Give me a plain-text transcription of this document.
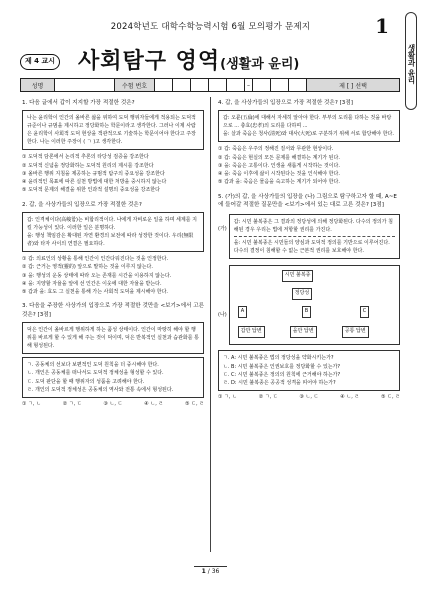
2024학년도 대학수학능력시험 6월 모의평가 문제지	1
생활과 윤리
제 4 교시 사회탐구 영역(생활과 윤리)
성명	수험 번호	–	제 [ ] 선택
1. 다음 글에서 갑이 지지할 가장 적절한 것은?
나는 윤리학이 인간의 올바른 삶을 위하여 도덕 행위자들에게 적용되는 도덕적 규준이나 규범을 제시하고 정당화하는 학문이라고 생각한다. 그러나 이제 사람은 윤리학이 사회적 도덕 현상을 객관적으로 기술하는 학문이어야 한다고 주장한다. 나는 이러한 주장이 ( ㄱ )고 생각한다.
① 도덕적 담론에서 논리적 추론의 타당성 검증을 강조한다
② 도덕적 신념을 정당화하는 도덕적 원리의 제시를 강조한다
③ 올바른 행위 지침을 제공하는 규범적 탐구의 중요성을 강조한다
④ 윤리적인 목표에 따른 실천 방법에 대한 처방을 중시하지 않는다
⑤ 도덕적 문제의 해결을 위한 인과적 설명의 중요성을 강조한다
2. 갑, 을 사상가들의 입장으로 가장 적절한 것은?
갑: 인격체이다(高峻함)는 비합리적이다. 나에게 자비로운 일을 하며 세계를 지킬 가능성이 있다. 이러한 일은 분명하다.
을: 행성 책임감은 확대된 자연 환경의 보전에 따라 성장한 것이다. 우리(無限者)와 타자 사이의 연결은 필요하다.
① 갑: 의료인의 상황을 통해 인간이 인간다워진다는 것을 인정한다.
② 갑: 근거는 영적(靈的) 앞으로 말하는 것을 이루지 않는다.
③ 을: 행성의 운동 상태에 따라 오는 존재를 시간을 이용하지 않는다.
④ 을: 지양할 자율을 앞에 선 인간은 이웃에 대한 자율을 받는다.
⑤ 갑과 을: 효도 그 실천을 통해 가는 사회적 도덕을 제시해야 한다.
3. 다음을 주장한 사상가의 입장으로 가장 적절한 것만을 <보기>에서 고른 것은? [3점]
덕은 인간이 올바르게 행위하게 하는 품성 상태이다. 인간이 마땅히 해야 할 행위를 바르게 할 수 있게 해 주는 것이 덕이며, 덕은 반복적인 실천과 습관화를 통해 형성된다.
ㄱ. 공동체의 선보다 보편적인 도덕 원칙을 더 중시해야 한다.
ㄴ. 개인은 공동체를 떠나서도 도덕적 정체성을 형성할 수 있다.
ㄷ. 도덕 판단을 할 때 행위자의 성품을 고려해야 한다.
ㄹ. 개인의 도덕적 정체성은 공동체의 역사와 전통 속에서 형성된다.
① ㄱ, ㄴ	② ㄱ, ㄷ	③ ㄴ, ㄷ	④ ㄴ, ㄹ	⑤ ㄷ, ㄹ
4. 갑, 을 사상가들의 입장으로 가장 적절한 것은? [3점]
갑: 오륜(五倫)에 대해서 자세히 알아야 한다. 부부의 도리를 다하는 것을 바탕으로 ... 충효(忠孝)의 도리를 다하며 ...
을: 살과 죽음은 청사(淸死)와 대사(大死)로 구분하기 위해 서로 합당해야 한다.
① 갑: 죽음은 우주의 정해진 질서와 무관한 현상이다.
② 갑: 죽음은 현실의 모든 문제를 해결하는 계기가 된다.
③ 을: 죽음은 고통이다. 인생을 새롭게 시작하는 것이다.
④ 을: 죽음 이후에 삶이 시작된다는 것을 인식해야 한다.
⑤ 갑과 을: 죽음은 물음을 숙고하는 계기가 되어야 한다.
5. (가)의 갑, 을 사상가들의 입장을 (나) 그림으로 탐구하고자 할 때, A~E에 들어갈 적절한 질문만을 <보기>에서 있는 대로 고른 것은? [3점]
(가)
갑: 시민 불복종은 그 결과의 정당성에 의해 정당화된다. 다수의 정의가 침해된 경우 우리는 법에 저항할 권리를 가진다.
을: 시민 불복종은 시민들의 양심과 도덕적 정의를 기반으로 이루어진다. 다수의 결정이 침해할 수 없는 근본적 권리를 보호해야 한다.
(나)
시민 불복종
정당성
A	B	C
갑만 답변	을만 답변	공통 답변
ㄱ. A: 시민 불복종은 법의 정당성을 약화시키는가?
ㄴ. B: 시민 불복종은 인권보호를 정당화할 수 있는가?
ㄷ. C: 시민 불복종은 정의의 원칙에 근거해야 하는가?
ㄹ. D: 시민 불복종은 공공적 성격을 띠어야 하는가?
① ㄱ, ㄴ	② ㄱ, ㄷ	③ ㄴ, ㄷ	④ ㄴ, ㄹ	⑤ ㄷ, ㄹ
1 / 36
